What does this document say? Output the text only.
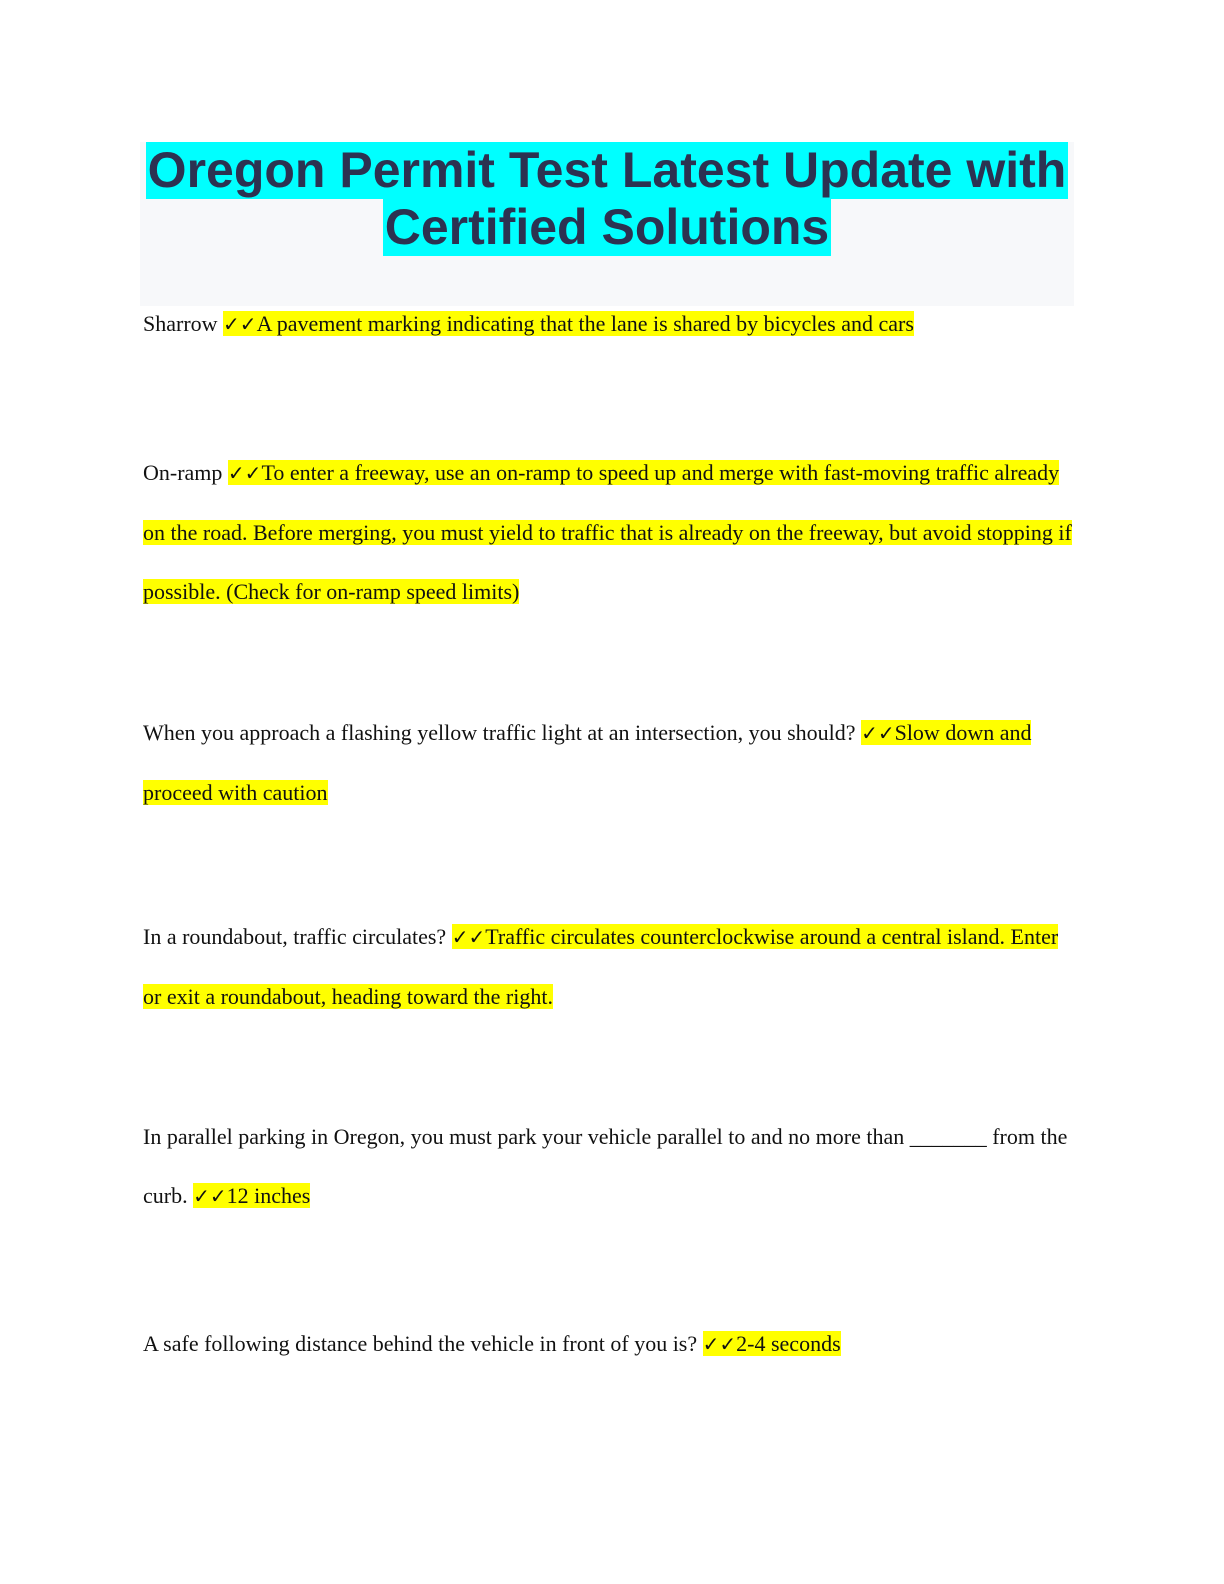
Oregon Permit Test Latest Update with
Certified Solutions
Sharrow ✓✓A pavement marking indicating that the lane is shared by bicycles and cars
On-ramp ✓✓To enter a freeway, use an on-ramp to speed up and merge with fast-moving traffic already on the road. Before merging, you must yield to traffic that is already on the freeway, but avoid stopping if possible. (Check for on-ramp speed limits)
When you approach a flashing yellow traffic light at an intersection, you should? ✓✓Slow down and proceed with caution
In a roundabout, traffic circulates? ✓✓Traffic circulates counterclockwise around a central island. Enter or exit a roundabout, heading toward the right.
In parallel parking in Oregon, you must park your vehicle parallel to and no more than _______ from the curb. ✓✓12 inches
A safe following distance behind the vehicle in front of you is? ✓✓2-4 seconds
